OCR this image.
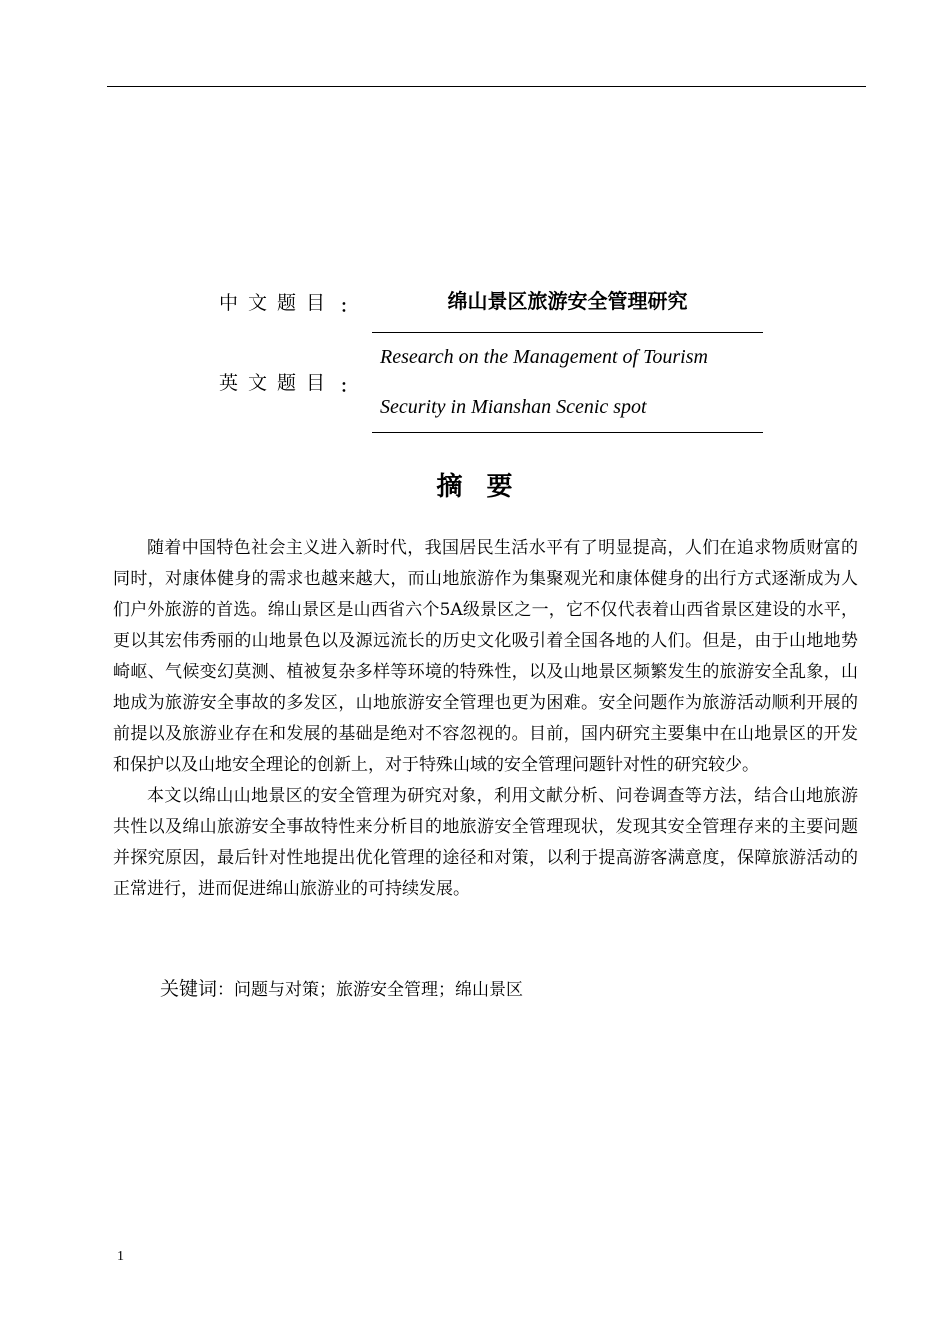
中文题目 ：	绵山景区旅游安全管理研究
英文题目 ：
Research on the Management of Tourism
Security in Mianshan Scenic spot
摘要

随着中国特色社会主义进入新时代，我国居民生活水平有了明显提高，人们在追求物质财富的同时，对康体健身的需求也越来越大，而山地旅游作为集聚观光和康体健身的出行方式逐渐成为人们户外旅游的首选。绵山景区是山西省六个5A级景区之一，它不仅代表着山西省景区建设的水平，更以其宏伟秀丽的山地景色以及源远流长的历史文化吸引着全国各地的人们。但是，由于山地地势崎岖、气候变幻莫测、植被复杂多样等环境的特殊性，以及山地景区频繁发生的旅游安全乱象，山地成为旅游安全事故的多发区，山地旅游安全管理也更为困难。安全问题作为旅游活动顺利开展的前提以及旅游业存在和发展的基础是绝对不容忽视的。目前，国内研究主要集中在山地景区的开发和保护以及山地安全理论的创新上，对于特殊山域的安全管理问题针对性的研究较少。

本文以绵山山地景区的安全管理为研究对象，利用文献分析、问卷调查等方法，结合山地旅游共性以及绵山旅游安全事故特性来分析目的地旅游安全管理现状，发现其安全管理存来的主要问题并探究原因，最后针对性地提出优化管理的途径和对策，以利于提高游客满意度，保障旅游活动的正常进行，进而促进绵山旅游业的可持续发展。

关键词：问题与对策；旅游安全管理；绵山景区
1
